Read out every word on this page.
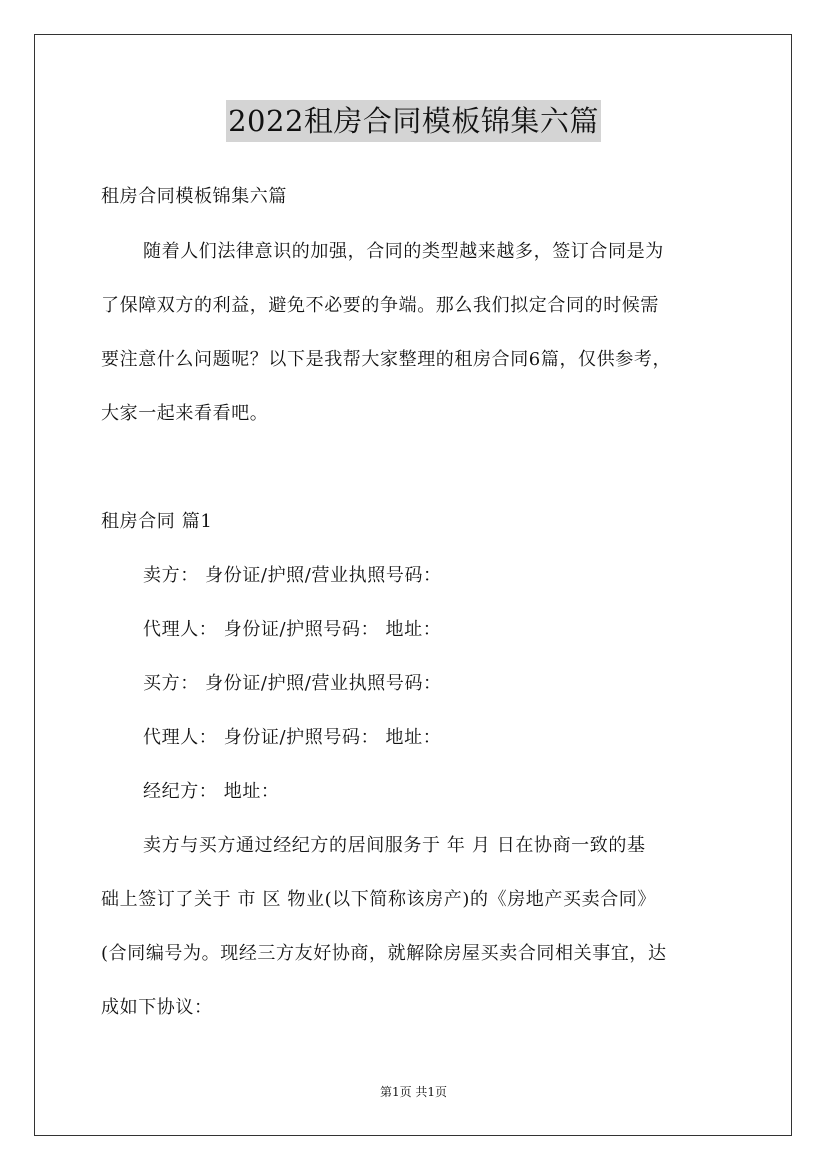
2022租房合同模板锦集六篇
租房合同模板锦集六篇
随着人们法律意识的加强，合同的类型越来越多，签订合同是为
了保障双方的利益，避免不必要的争端。那么我们拟定合同的时候需
要注意什么问题呢？以下是我帮大家整理的租房合同6篇，仅供参考，
大家一起来看看吧。
租房合同 篇1
卖方： 身份证/护照/营业执照号码：
代理人： 身份证/护照号码： 地址：
买方： 身份证/护照/营业执照号码：
代理人： 身份证/护照号码： 地址：
经纪方： 地址：
卖方与买方通过经纪方的居间服务于 年 月 日在协商一致的基
础上签订了关于 市 区 物业(以下简称该房产)的《房地产买卖合同》
(合同编号为。现经三方友好协商，就解除房屋买卖合同相关事宜，达
成如下协议：
第1页 共1页
